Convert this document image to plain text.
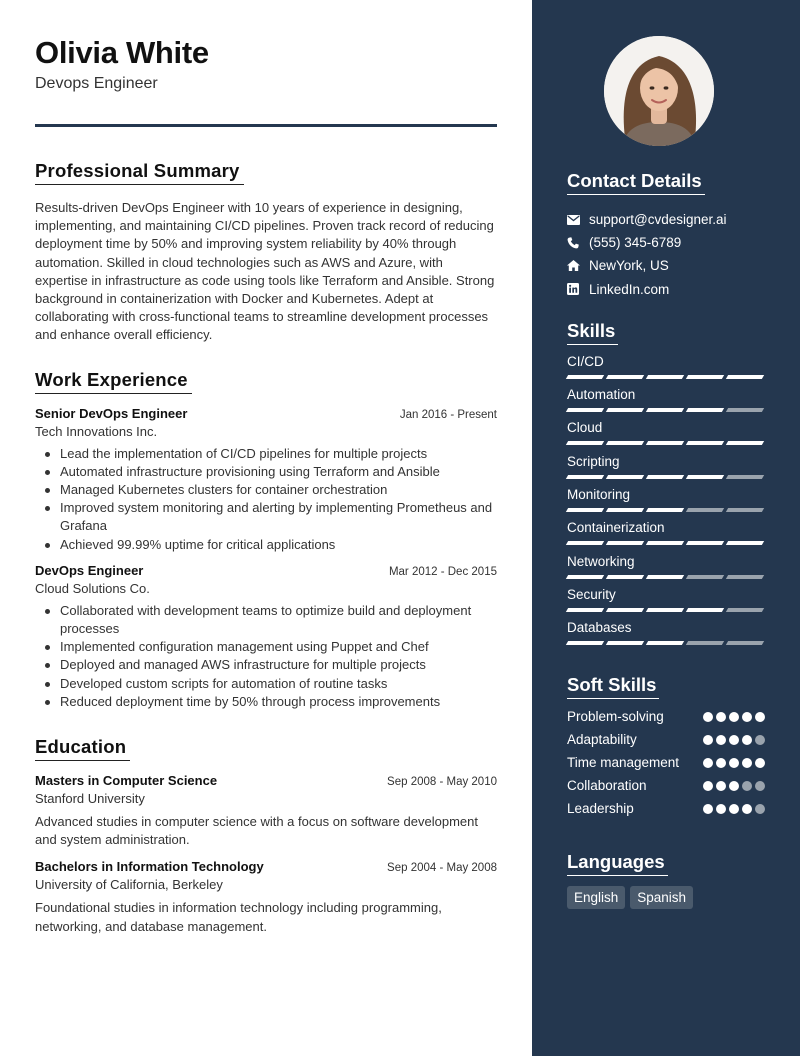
Olivia White
Devops Engineer
Professional Summary

Results-driven DevOps Engineer with 10 years of experience in designing, implementing, and maintaining CI/CD pipelines. Proven track record of reducing deployment time by 50% and improving system reliability by 40% through automation. Skilled in cloud technologies such as AWS and Azure, with expertise in infrastructure as code using tools like Terraform and Ansible. Strong background in containerization with Docker and Kubernetes. Adept at collaborating with cross-functional teams to streamline development processes and enhance overall efficiency.

Work Experience
Senior DevOps Engineer	Jan 2016 - Present
Tech Innovations Inc.
Lead the implementation of CI/CD pipelines for multiple projects
Automated infrastructure provisioning using Terraform and Ansible
Managed Kubernetes clusters for container orchestration
Improved system monitoring and alerting by implementing Prometheus and Grafana
Achieved 99.99% uptime for critical applications
DevOps Engineer	Mar 2012 - Dec 2015
Cloud Solutions Co.
Collaborated with development teams to optimize build and deployment processes
Implemented configuration management using Puppet and Chef
Deployed and managed AWS infrastructure for multiple projects
Developed custom scripts for automation of routine tasks
Reduced deployment time by 50% through process improvements
Education
Masters in Computer Science	Sep 2008 - May 2010
Stanford University

Advanced studies in computer science with a focus on software development and system administration.

Bachelors in Information Technology	Sep 2004 - May 2008
University of California, Berkeley

Foundational studies in information technology including programming, networking, and database management.

Contact Details
support@cvdesigner.ai
(555) 345-6789
NewYork, US
LinkedIn.com
Skills
CI/CD
Automation
Cloud
Scripting
Monitoring
Containerization
Networking
Security
Databases
Soft Skills
Problem-solving
Adaptability
Time management
Collaboration
Leadership
Languages
English	Spanish
